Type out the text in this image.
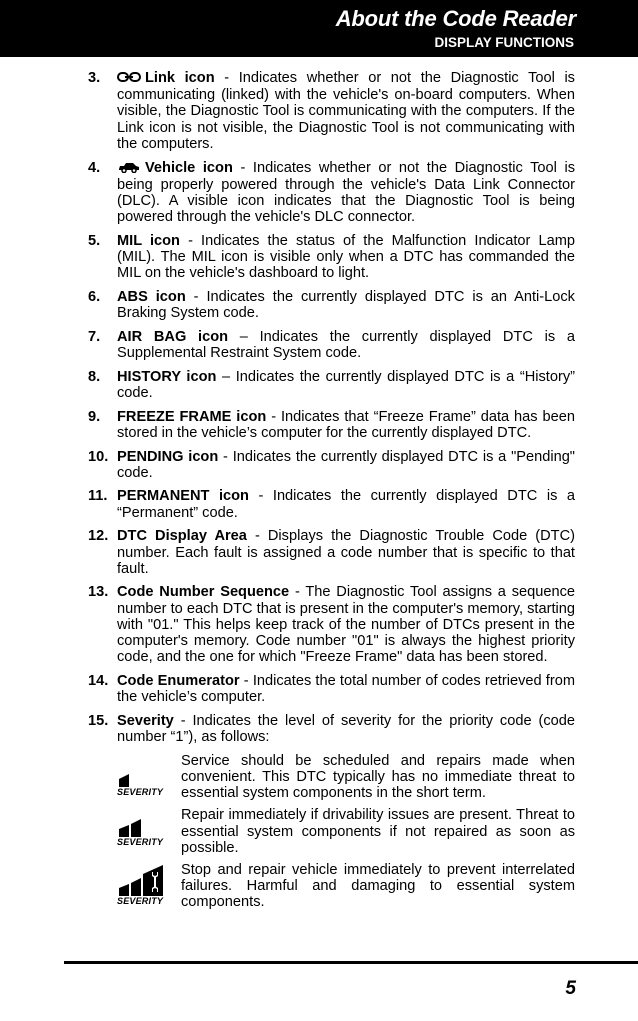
About the Code Reader
DISPLAY FUNCTIONS
3.	Link icon - Indicates whether or not the Diagnostic Tool is communicating (linked) with the vehicle's on-board computers. When visible, the Diagnostic Tool is communicating with the computers. If the Link icon is not visible, the Diagnostic Tool is not communicating with the computers.
4.	Vehicle icon - Indicates whether or not the Diagnostic Tool is being properly powered through the vehicle's Data Link Connector (DLC). A visible icon indicates that the Diagnostic Tool is being powered through the vehicle's DLC connector.
5.	MIL icon - Indicates the status of the Malfunction Indicator Lamp (MIL). The MIL icon is visible only when a DTC has commanded the MIL on the vehicle's dashboard to light.
6.	ABS icon - Indicates the currently displayed DTC is an Anti-Lock Braking System code.
7.	AIR BAG icon – Indicates the currently displayed DTC is a Supplemental Restraint System code.
8.	HISTORY icon – Indicates the currently displayed DTC is a “History” code.
9.	FREEZE FRAME icon - Indicates that “Freeze Frame” data has been stored in the vehicle’s computer for the currently displayed DTC.
10. PENDING icon - Indicates the currently displayed DTC is a "Pending" code.
11. PERMANENT icon - Indicates the currently displayed DTC is a “Permanent” code.
12. DTC Display Area - Displays the Diagnostic Trouble Code (DTC) number. Each fault is assigned a code number that is specific to that fault.
13. Code Number Sequence - The Diagnostic Tool assigns a sequence number to each DTC that is present in the computer's memory, starting with "01." This helps keep track of the number of DTCs present in the computer's memory. Code number "01" is always the highest priority code, and the one for which "Freeze Frame" data has been stored.
14. Code Enumerator - Indicates the total number of codes retrieved from the vehicle’s computer.
15. Severity - Indicates the level of severity for the priority code (code number “1”), as follows:
SEVERITY
Service should be scheduled and repairs made when convenient. This DTC typically has no immediate threat to essential system components in the short term.
SEVERITY
Repair immediately if drivability issues are present. Threat to essential system components if not repaired as soon as possible.
SEVERITY
Stop and repair vehicle immediately to prevent interrelated failures. Harmful and damaging to essential system components.
5
